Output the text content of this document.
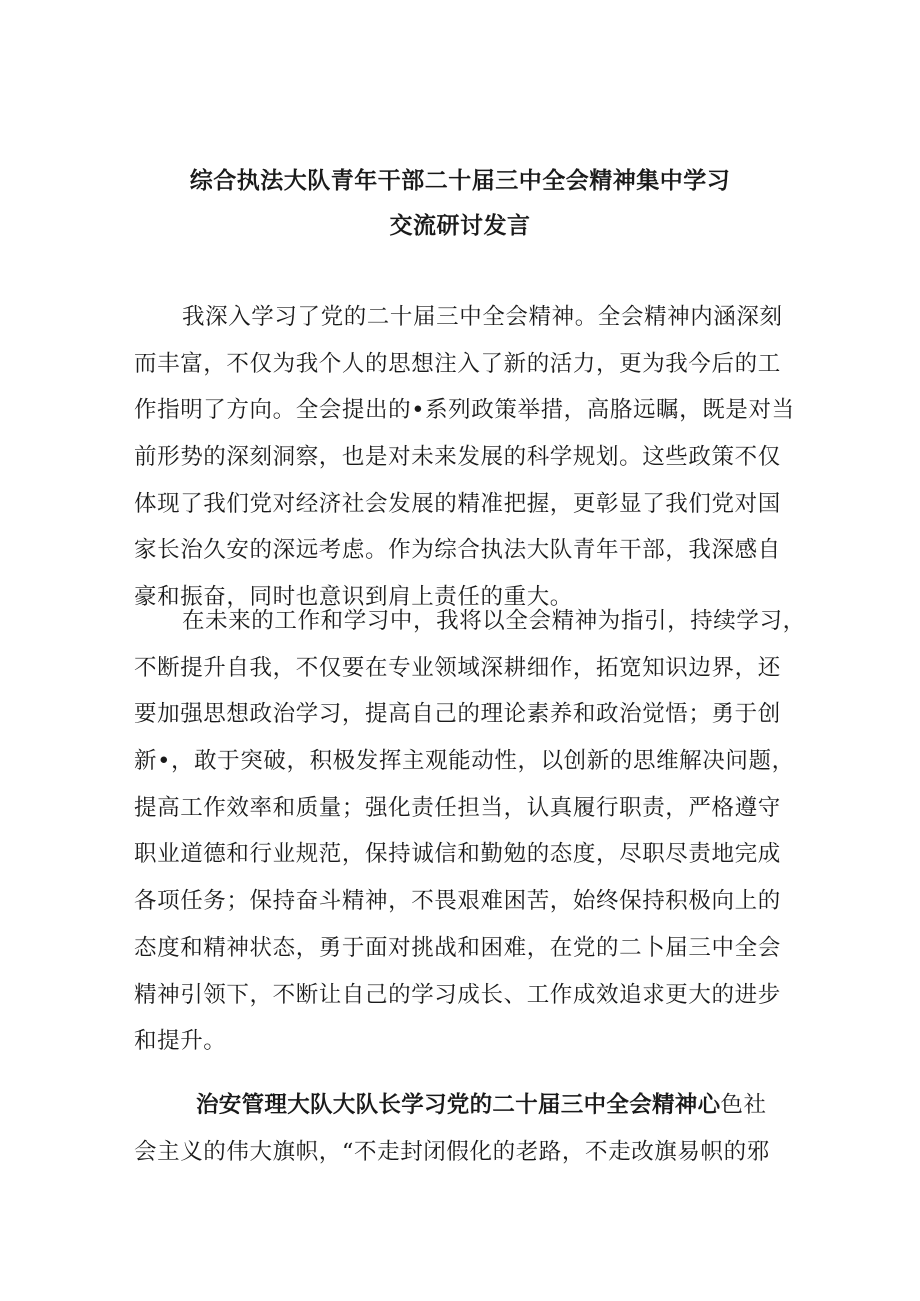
综合执法大队青年干部二十届三中全会精神集中学习
交流研讨发言
我深入学习了党的二十届三中全会精神。全会精神内涵深刻
而丰富，不仅为我个人的思想注入了新的活力，更为我今后的工
作指明了方向。全会提出的•系列政策举措，高胳远瞩，既是对当
前形势的深刻洞察，也是对未来发展的科学规划。这些政策不仅
体现了我们党对经济社会发展的精准把握，更彰显了我们党对国
家长治久安的深远考虑。作为综合执法大队青年干部，我深感自
豪和振奋，同时也意识到肩上责任的重大。
在未来的工作和学习中，我将以全会精神为指引，持续学习，
不断提升自我，不仅要在专业领域深耕细作，拓宽知识边界，还
要加强思想政治学习，提高自己的理论素养和政治觉悟；勇于创
新•，敢于突破，积极发挥主观能动性，以创新的思维解决问题，
提高工作效率和质量；强化责任担当，认真履行职责，严格遵守
职业道德和行业规范，保持诚信和勤勉的态度，尽职尽责地完成
各项任务；保持奋斗精神，不畏艰难困苦，始终保持积极向上的
态度和精神状态，勇于面对挑战和困难，在党的二卜届三中全会
精神引领下，不断让自己的学习成长、工作成效追求更大的进步
和提升。
治安管理大队大队长学习党的二十届三中全会精神心色社
会主义的伟大旗帜，“不走封闭假化的老路，不走改旗易帜的邪
